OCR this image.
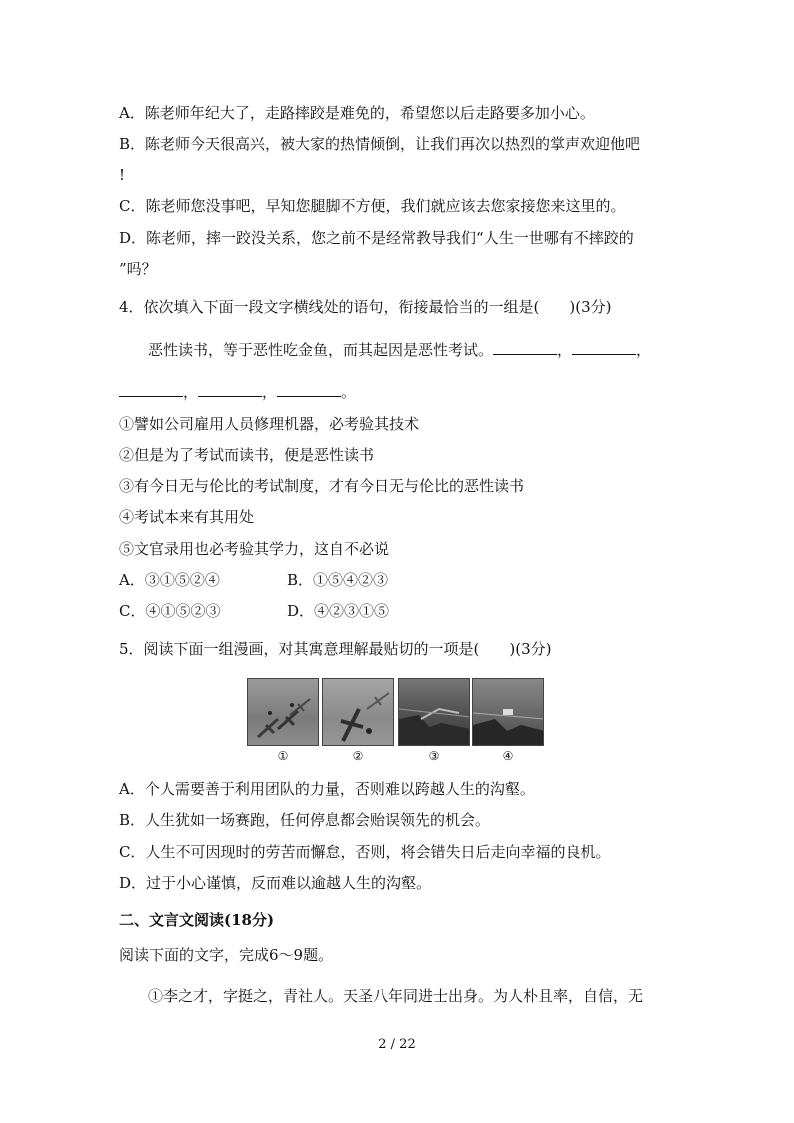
A．陈老师年纪大了，走路摔跤是难免的，希望您以后走路要多加小心。
B．陈老师今天很高兴，被大家的热情倾倒，让我们再次以热烈的掌声欢迎他吧
!
C．陈老师您没事吧，早知您腿脚不方便，我们就应该去您家接您来这里的。
D．陈老师，摔一跤没关系，您之前不是经常教导我们“人生一世哪有不摔跤的
”吗？
4．依次填入下面一段文字横线处的语句，衔接最恰当的一组是(　　)(3分)
恶性读书，等于恶性吃金鱼，而其起因是恶性考试。	，	，
，	，	。
①譬如公司雇用人员修理机器，必考验其技术
②但是为了考试而读书，便是恶性读书
③有今日无与伦比的考试制度，才有今日无与伦比的恶性读书
④考试本来有其用处
⑤文官录用也必考验其学力，这自不必说
A．③①⑤②④	B．①⑤④②③
C．④①⑤②③	D．④②③①⑤
5．阅读下面一组漫画，对其寓意理解最贴切的一项是(　　)(3分)
①	②	③	④
A．个人需要善于利用团队的力量，否则难以跨越人生的沟壑。
B．人生犹如一场赛跑，任何停息都会贻误领先的机会。
C．人生不可因现时的劳苦而懈怠，否则，将会错失日后走向幸福的良机。
D．过于小心谨慎，反而难以逾越人生的沟壑。
二、文言文阅读(18分)
阅读下面的文字，完成6～9题。
①李之才，字挺之，青社人。天圣八年同进士出身。为人朴且率，自信，无
2 / 22
